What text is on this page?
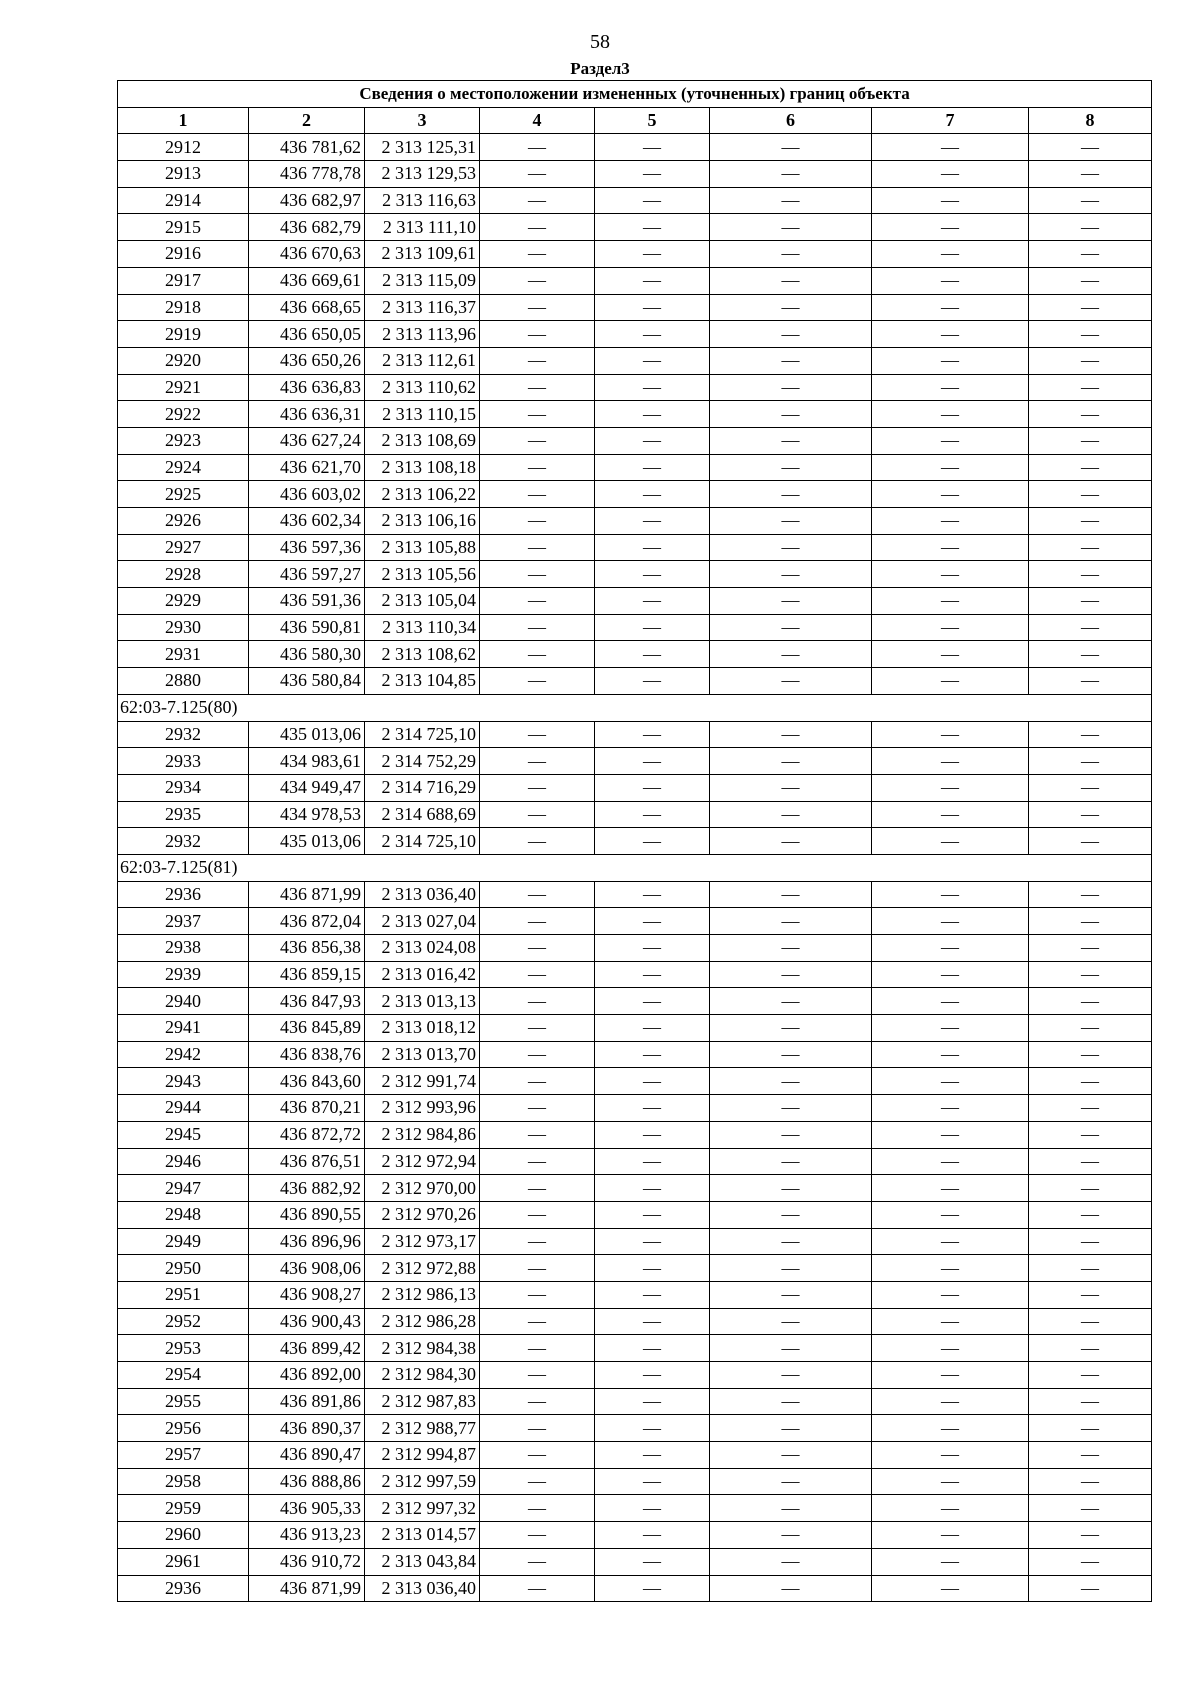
58
Раздел3
Сведения о местоположении измененных (уточненных) границ объекта							
1	2	3	4	5	6	7	8
2912	436 781,62	2 313 125,31	—	—	—	—	—
2913	436 778,78	2 313 129,53	—	—	—	—	—
2914	436 682,97	2 313 116,63	—	—	—	—	—
2915	436 682,79	2 313 111,10	—	—	—	—	—
2916	436 670,63	2 313 109,61	—	—	—	—	—
2917	436 669,61	2 313 115,09	—	—	—	—	—
2918	436 668,65	2 313 116,37	—	—	—	—	—
2919	436 650,05	2 313 113,96	—	—	—	—	—
2920	436 650,26	2 313 112,61	—	—	—	—	—
2921	436 636,83	2 313 110,62	—	—	—	—	—
2922	436 636,31	2 313 110,15	—	—	—	—	—
2923	436 627,24	2 313 108,69	—	—	—	—	—
2924	436 621,70	2 313 108,18	—	—	—	—	—
2925	436 603,02	2 313 106,22	—	—	—	—	—
2926	436 602,34	2 313 106,16	—	—	—	—	—
2927	436 597,36	2 313 105,88	—	—	—	—	—
2928	436 597,27	2 313 105,56	—	—	—	—	—
2929	436 591,36	2 313 105,04	—	—	—	—	—
2930	436 590,81	2 313 110,34	—	—	—	—	—
2931	436 580,30	2 313 108,62	—	—	—	—	—
2880	436 580,84	2 313 104,85	—	—	—	—	—
62:03-7.125(80)							
2932	435 013,06	2 314 725,10	—	—	—	—	—
2933	434 983,61	2 314 752,29	—	—	—	—	—
2934	434 949,47	2 314 716,29	—	—	—	—	—
2935	434 978,53	2 314 688,69	—	—	—	—	—
2932	435 013,06	2 314 725,10	—	—	—	—	—
62:03-7.125(81)							
2936	436 871,99	2 313 036,40	—	—	—	—	—
2937	436 872,04	2 313 027,04	—	—	—	—	—
2938	436 856,38	2 313 024,08	—	—	—	—	—
2939	436 859,15	2 313 016,42	—	—	—	—	—
2940	436 847,93	2 313 013,13	—	—	—	—	—
2941	436 845,89	2 313 018,12	—	—	—	—	—
2942	436 838,76	2 313 013,70	—	—	—	—	—
2943	436 843,60	2 312 991,74	—	—	—	—	—
2944	436 870,21	2 312 993,96	—	—	—	—	—
2945	436 872,72	2 312 984,86	—	—	—	—	—
2946	436 876,51	2 312 972,94	—	—	—	—	—
2947	436 882,92	2 312 970,00	—	—	—	—	—
2948	436 890,55	2 312 970,26	—	—	—	—	—
2949	436 896,96	2 312 973,17	—	—	—	—	—
2950	436 908,06	2 312 972,88	—	—	—	—	—
2951	436 908,27	2 312 986,13	—	—	—	—	—
2952	436 900,43	2 312 986,28	—	—	—	—	—
2953	436 899,42	2 312 984,38	—	—	—	—	—
2954	436 892,00	2 312 984,30	—	—	—	—	—
2955	436 891,86	2 312 987,83	—	—	—	—	—
2956	436 890,37	2 312 988,77	—	—	—	—	—
2957	436 890,47	2 312 994,87	—	—	—	—	—
2958	436 888,86	2 312 997,59	—	—	—	—	—
2959	436 905,33	2 312 997,32	—	—	—	—	—
2960	436 913,23	2 313 014,57	—	—	—	—	—
2961	436 910,72	2 313 043,84	—	—	—	—	—
2936	436 871,99	2 313 036,40	—	—	—	—	—
